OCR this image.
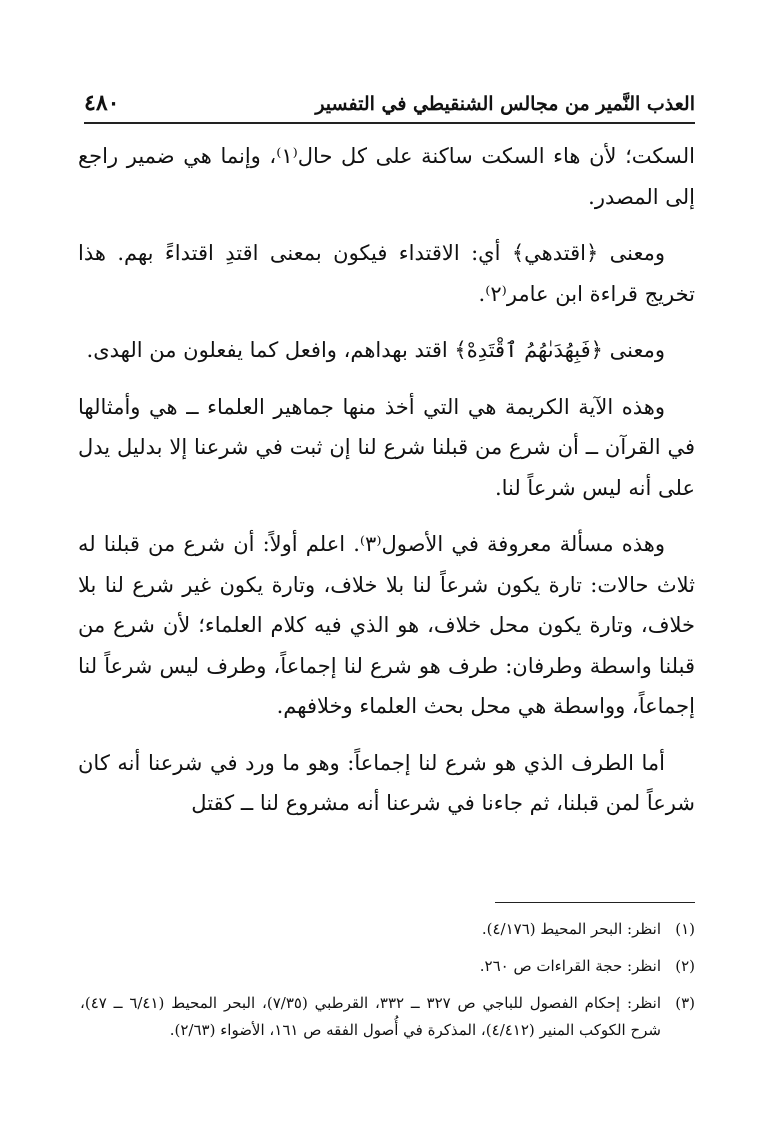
٤٨٠	العذب النَّمير من مجالس الشنقيطي في التفسير

السكت؛ لأن هاء السكت ساكنة على كل حال⁽١⁾، وإنما هي ضمير راجع إلى المصدر.

ومعنى ﴿اقتدهي﴾ أي: الاقتداء فيكون بمعنى اقتدِ اقتداءً بهم. هذا تخريج قراءة ابن عامر⁽٢⁾.

ومعنى ﴿فَبِهُدَىٰهُمُ ٱقْتَدِهْ﴾ اقتد بهداهم، وافعل كما يفعلون من الهدى.

وهذه الآية الكريمة هي التي أخذ منها جماهير العلماء ــ هي وأمثالها في القرآن ــ أن شرع من قبلنا شرع لنا إن ثبت في شرعنا إلا بدليل يدل على أنه ليس شرعاً لنا.

وهذه مسألة معروفة في الأصول⁽٣⁾. اعلم أولاً: أن شرع من قبلنا له ثلاث حالات: تارة يكون شرعاً لنا بلا خلاف، وتارة يكون غير شرع لنا بلا خلاف، وتارة يكون محل خلاف، هو الذي فيه كلام العلماء؛ لأن شرع من قبلنا واسطة وطرفان: طرف هو شرع لنا إجماعاً، وطرف ليس شرعاً لنا إجماعاً، وواسطة هي محل بحث العلماء وخلافهم.

أما الطرف الذي هو شرع لنا إجماعاً: وهو ما ورد في شرعنا أنه كان شرعاً لمن قبلنا، ثم جاءنا في شرعنا أنه مشروع لنا ــ كقتل

(١)
انظر: البحر المحيط (٤/١٧٦).
(٢)
انظر: حجة القراءات ص ٢٦٠.
(٣)
انظر: إحكام الفصول للباجي ص ٣٢٧ ــ ٣٣٢، القرطبي (٧/٣٥)، البحر المحيط (٦/٤١ ــ ٤٧)، شرح الكوكب المنير (٤/٤١٢)، المذكرة في أُصول الفقه ص ١٦١، الأضواء (٢/٦٣).
